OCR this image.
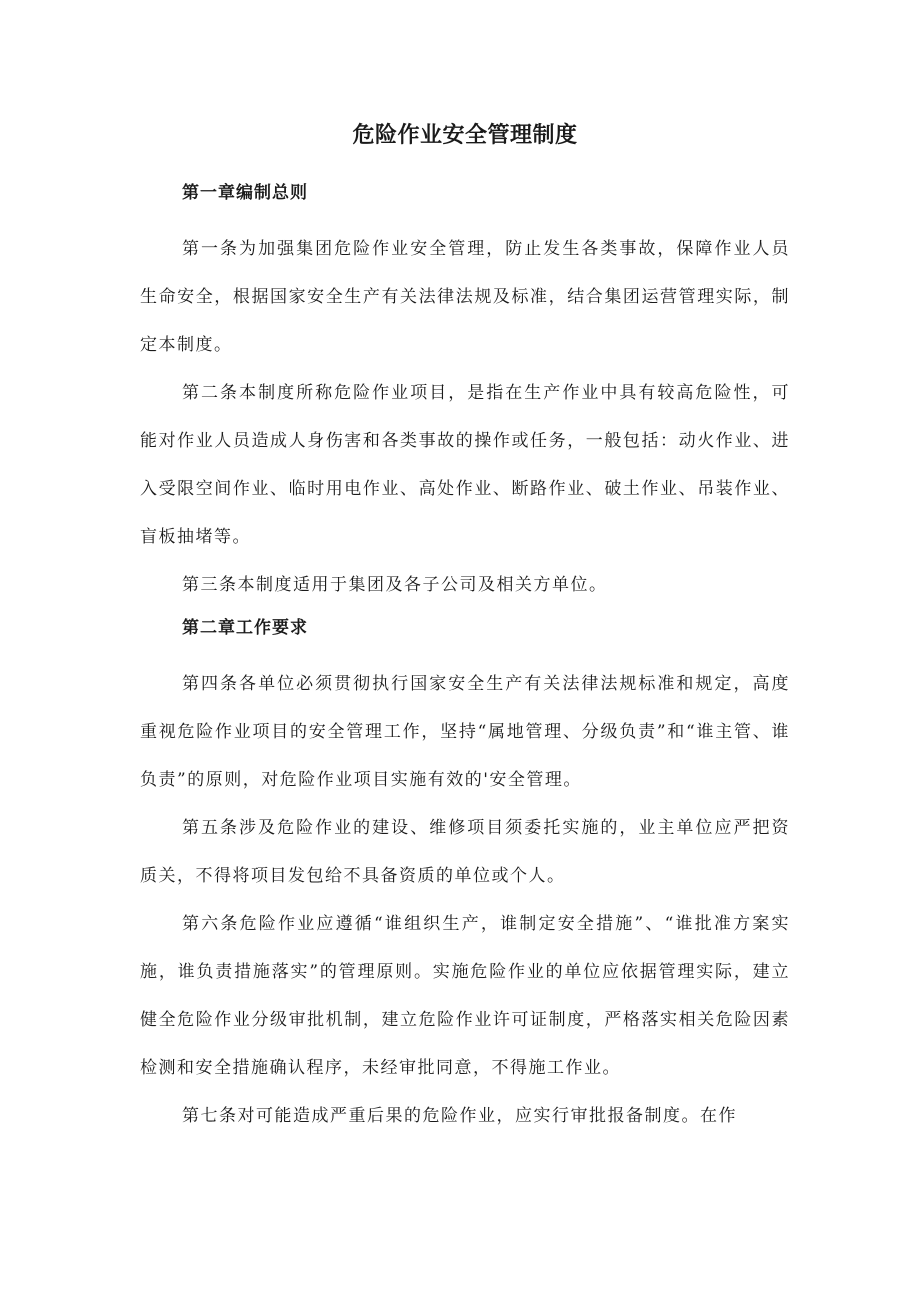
危险作业安全管理制度
第一章编制总则

第一条为加强集团危险作业安全管理，防止发生各类事故，保障作业人员生命安全，根据国家安全生产有关法律法规及标准，结合集团运营管理实际，制定本制度。

第二条本制度所称危险作业项目，是指在生产作业中具有较高危险性，可能对作业人员造成人身伤害和各类事故的操作或任务，一般包括：动火作业、进入受限空间作业、临时用电作业、高处作业、断路作业、破土作业、吊装作业、盲板抽堵等。

第三条本制度适用于集团及各子公司及相关方单位。

第二章工作要求

第四条各单位必须贯彻执行国家安全生产有关法律法规标准和规定，高度重视危险作业项目的安全管理工作，坚持“属地管理、分级负责”和“谁主管、谁负责”的原则，对危险作业项目实施有效的'安全管理。

第五条涉及危险作业的建设、维修项目须委托实施的，业主单位应严把资质关，不得将项目发包给不具备资质的单位或个人。

第六条危险作业应遵循“谁组织生产，谁制定安全措施”、“谁批准方案实施，谁负责措施落实”的管理原则。实施危险作业的单位应依据管理实际，建立健全危险作业分级审批机制，建立危险作业许可证制度，严格落实相关危险因素检测和安全措施确认程序，未经审批同意，不得施工作业。

第七条对可能造成严重后果的危险作业，应实行审批报备制度。在作
